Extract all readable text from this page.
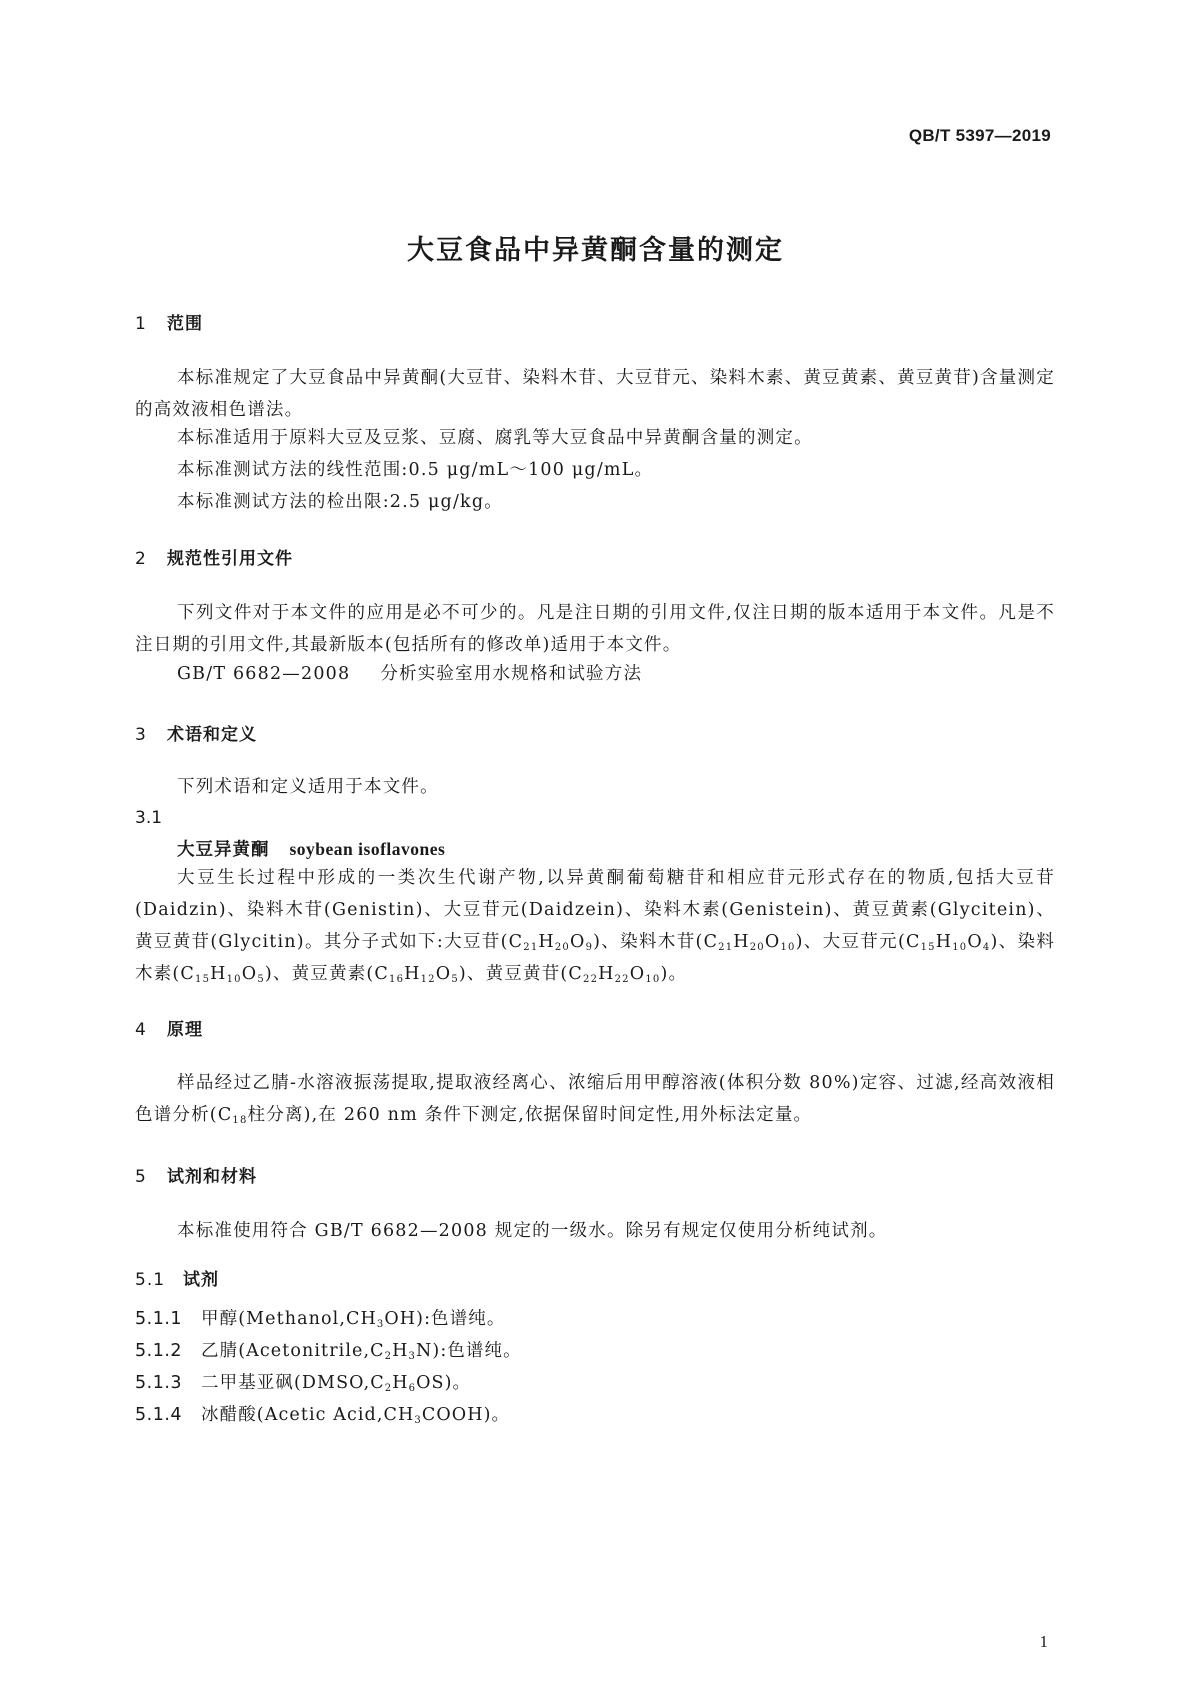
QB/T 5397—2019
大豆食品中异黄酮含量的测定
1 范围
本标准规定了大豆食品中异黄酮(大豆苷、染料木苷、大豆苷元、染料木素、黄豆黄素、黄豆黄苷)含量测定的高效液相色谱法。
本标准适用于原料大豆及豆浆、豆腐、腐乳等大豆食品中异黄酮含量的测定。
本标准测试方法的线性范围:0.5 μg/mL～100 μg/mL。
本标准测试方法的检出限:2.5 μg/kg。
2 规范性引用文件
下列文件对于本文件的应用是必不可少的。凡是注日期的引用文件,仅注日期的版本适用于本文件。凡是不注日期的引用文件,其最新版本(包括所有的修改单)适用于本文件。
GB/T 6682—2008 分析实验室用水规格和试验方法
3 术语和定义
下列术语和定义适用于本文件。
3.1
大豆异黄酮 soybean isoflavones
大豆生长过程中形成的一类次生代谢产物,以异黄酮葡萄糖苷和相应苷元形式存在的物质,包括大豆苷(Daidzin)、染料木苷(Genistin)、大豆苷元(Daidzein)、染料木素(Genistein)、黄豆黄素(Glycitein)、黄豆黄苷(Glycitin)。其分子式如下:大豆苷$(C_{21}H_{20}O_9)$、染料木苷$(C_{21}H_{20}O_{10})$、大豆苷元$(C_{15}H_{10}O_4)$、染料木素$(C_{15}H_{10}O_5)$、黄豆黄素$(C_{16}H_{12}O_5)$、黄豆黄苷$(C_{22}H_{22}O_{10})$。
4 原理
样品经过乙腈-水溶液振荡提取,提取液经离心、浓缩后用甲醇溶液(体积分数 80%)定容、过滤,经高效液相色谱分析($C_{18}$柱分离),在 260 nm 条件下测定,依据保留时间定性,用外标法定量。
5 试剂和材料
本标准使用符合 GB/T 6682—2008 规定的一级水。除另有规定仅使用分析纯试剂。
5.1 试剂
5.1.1 甲醇$(Methanol,CH_3OH)$:色谱纯。
5.1.2 乙腈$(Acetonitrile,C_2H_3N)$:色谱纯。
5.1.3 二甲基亚砜$(DMSO,C_2H_6OS)$。
5.1.4 冰醋酸(Acetic $Acid,CH_3COOH$)。
1
